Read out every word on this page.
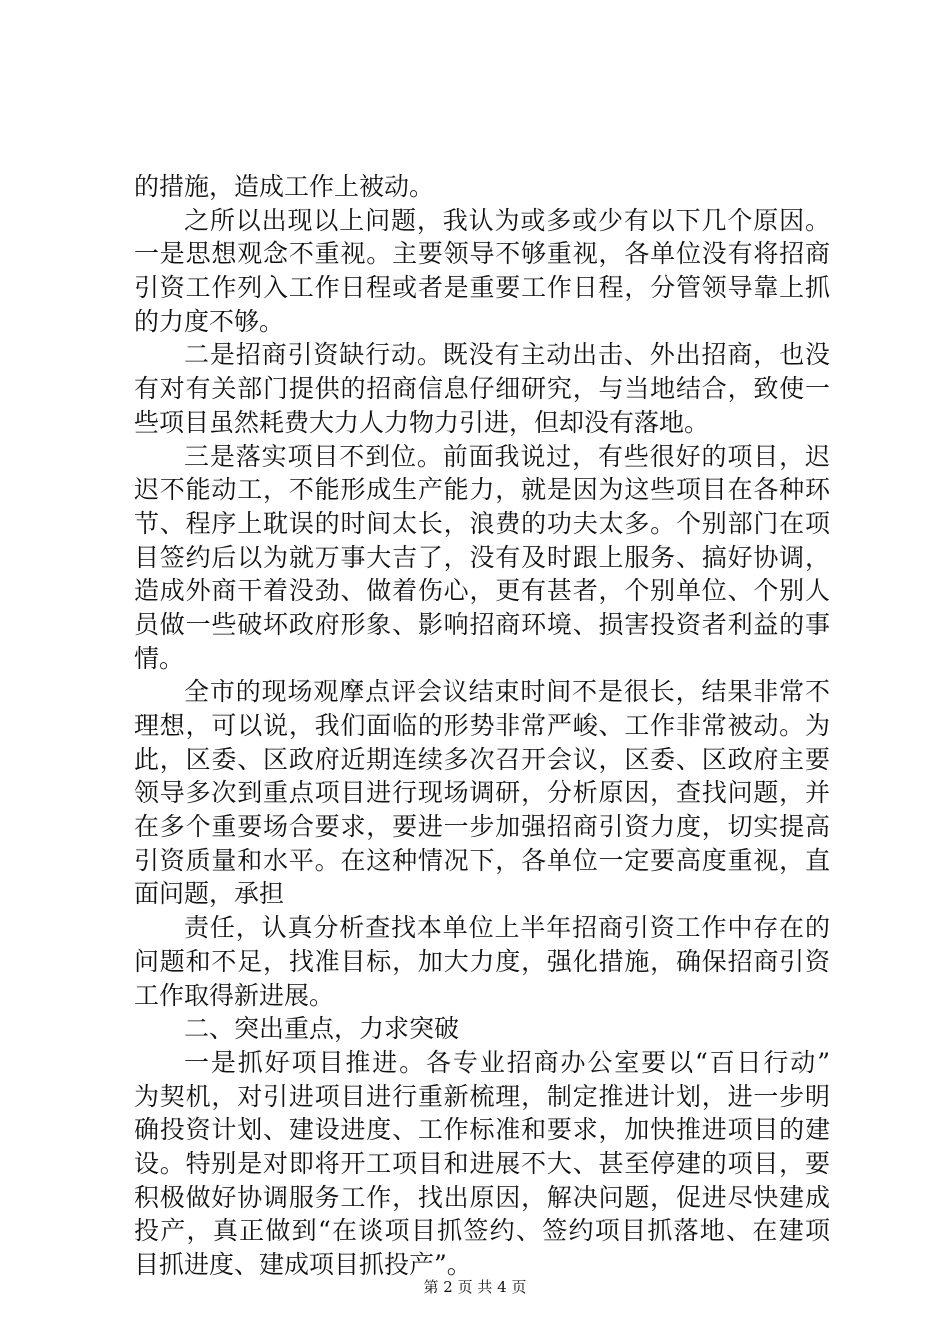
的措施，造成工作上被动。
之所以出现以上问题，我认为或多或少有以下几个原因。
一是思想观念不重视。主要领导不够重视，各单位没有将招商
引资工作列入工作日程或者是重要工作日程，分管领导靠上抓
的力度不够。
二是招商引资缺行动。既没有主动出击、外出招商，也没
有对有关部门提供的招商信息仔细研究，与当地结合，致使一
些项目虽然耗费大力人力物力引进，但却没有落地。
三是落实项目不到位。前面我说过，有些很好的项目，迟
迟不能动工，不能形成生产能力，就是因为这些项目在各种环
节、程序上耽误的时间太长，浪费的功夫太多。个别部门在项
目签约后以为就万事大吉了，没有及时跟上服务、搞好协调，
造成外商干着没劲、做着伤心，更有甚者，个别单位、个别人
员做一些破坏政府形象、影响招商环境、损害投资者利益的事
情。
全市的现场观摩点评会议结束时间不是很长，结果非常不
理想，可以说，我们面临的形势非常严峻、工作非常被动。为
此，区委、区政府近期连续多次召开会议，区委、区政府主要
领导多次到重点项目进行现场调研，分析原因，查找问题，并
在多个重要场合要求，要进一步加强招商引资力度，切实提高
引资质量和水平。在这种情况下，各单位一定要高度重视，直
面问题，承担
责任，认真分析查找本单位上半年招商引资工作中存在的
问题和不足，找准目标，加大力度，强化措施，确保招商引资
工作取得新进展。
二、突出重点，力求突破
一是抓好项目推进。各专业招商办公室要以“百日行动”
为契机，对引进项目进行重新梳理，制定推进计划，进一步明
确投资计划、建设进度、工作标准和要求，加快推进项目的建
设。特别是对即将开工项目和进展不大、甚至停建的项目，要
积极做好协调服务工作，找出原因，解决问题，促进尽快建成
投产，真正做到“在谈项目抓签约、签约项目抓落地、在建项
目抓进度、建成项目抓投产”。
第 2 页 共 4 页
